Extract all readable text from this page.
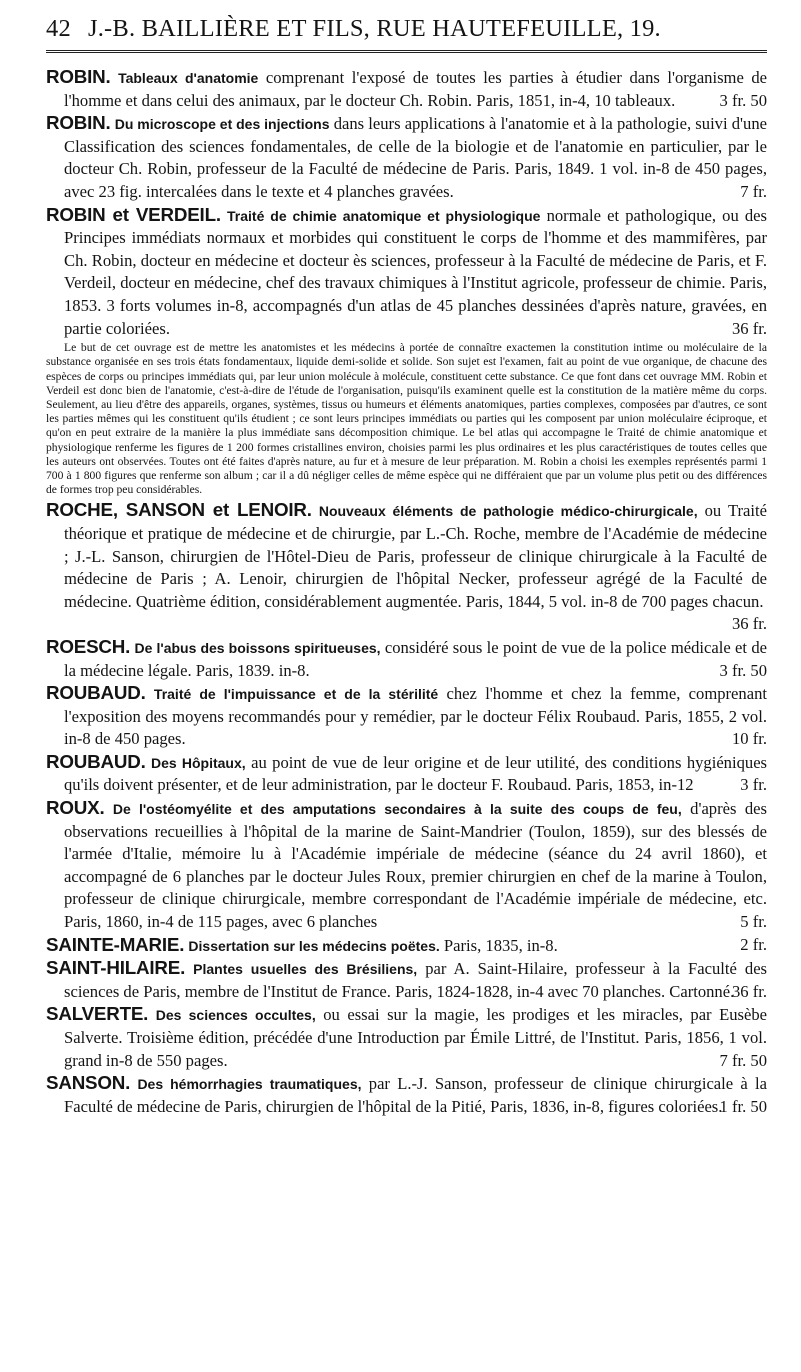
42 J.-B. BAILLIÈRE ET FILS, RUE HAUTEFEUILLE, 19.

ROBIN. Tableaux d'anatomie comprenant l'exposé de toutes les parties à étudier dans l'organisme de l'homme et dans celui des animaux, par le docteur Ch. Robin. Paris, 1851, in-4, 10 tableaux.	3 fr. 50

ROBIN. Du microscope et des injections dans leurs applications à l'anatomie et à la pathologie, suivi d'une Classification des sciences fondamentales, de celle de la biologie et de l'anatomie en particulier, par le docteur Ch. Robin, professeur de la Faculté de médecine de Paris. Paris, 1849. 1 vol. in-8 de 450 pages, avec 23 fig. intercalées dans le texte et 4 planches gravées.	7 fr.

ROBIN et VERDEIL. Traité de chimie anatomique et physiologique normale et pathologique, ou des Principes immédiats normaux et morbides qui constituent le corps de l'homme et des mammifères, par Ch. Robin, docteur en médecine et docteur ès sciences, professeur à la Faculté de médecine de Paris, et F. Verdeil, docteur en médecine, chef des travaux chimiques à l'Institut agricole, professeur de chimie. Paris, 1853. 3 forts volumes in-8, accompagnés d'un atlas de 45 planches dessinées d'après nature, gravées, en partie coloriées.	36 fr.

Le but de cet ouvrage est de mettre les anatomistes et les médecins à portée de connaître exactemen la constitution intime ou moléculaire de la substance organisée en ses trois états fondamentaux, liquide demi-solide et solide. Son sujet est l'examen, fait au point de vue organique, de chacune des espèces de corps ou principes immédiats qui, par leur union molécule à molécule, constituent cette substance. Ce que font dans cet ouvrage MM. Robin et Verdeil est donc bien de l'anatomie, c'est-à-dire de l'étude de l'organisation, puisqu'ils examinent quelle est la constitution de la matière même du corps. Seulement, au lieu d'être des appareils, organes, systèmes, tissus ou humeurs et éléments anatomiques, parties complexes, composées par d'autres, ce sont les parties mêmes qui les constituent qu'ils étudient ; ce sont leurs principes immédiats ou parties qui les composent par union moléculaire éciproque, et qu'on en peut extraire de la manière la plus immédiate sans décomposition chimique. Le bel atlas qui accompagne le Traité de chimie anatomique et physiologique renferme les figures de 1 200 formes cristallines environ, choisies parmi les plus ordinaires et les plus caractéristiques de toutes celles que les auteurs ont observées. Toutes ont été faites d'après nature, au fur et à mesure de leur préparation. M. Robin a choisi les exemples représentés parmi 1 700 à 1 800 figures que renferme son album ; car il a dû négliger celles de même espèce qui ne différaient que par un volume plus petit ou des différences de formes trop peu considérables.

ROCHE, SANSON et LENOIR. Nouveaux éléments de pathologie médico-chirurgicale, ou Traité théorique et pratique de médecine et de chirurgie, par L.-Ch. Roche, membre de l'Académie de médecine ; J.-L. Sanson, chirurgien de l'Hôtel-Dieu de Paris, professeur de clinique chirurgicale à la Faculté de médecine de Paris ; A. Lenoir, chirurgien de l'hôpital Necker, professeur agrégé de la Faculté de médecine. Quatrième édition, considérablement augmentée. Paris, 1844, 5 vol. in-8 de 700 pages chacun.
36 fr.

ROESCH. De l'abus des boissons spiritueuses, considéré sous le point de vue de la police médicale et de la médecine légale. Paris, 1839. in-8.	3 fr. 50

ROUBAUD. Traité de l'impuissance et de la stérilité chez l'homme et chez la femme, comprenant l'exposition des moyens recommandés pour y remédier, par le docteur Félix Roubaud. Paris, 1855, 2 vol. in-8 de 450 pages.	10 fr.

ROUBAUD. Des Hôpitaux, au point de vue de leur origine et de leur utilité, des conditions hygiéniques qu'ils doivent présenter, et de leur administration, par le docteur F. Roubaud. Paris, 1853, in-12	3 fr.

ROUX. De l'ostéomyélite et des amputations secondaires à la suite des coups de feu, d'après des observations recueillies à l'hôpital de la marine de Saint-Mandrier (Toulon, 1859), sur des blessés de l'armée d'Italie, mémoire lu à l'Académie impériale de médecine (séance du 24 avril 1860), et accompagné de 6 planches par le docteur Jules Roux, premier chirurgien en chef de la marine à Toulon, professeur de clinique chirurgicale, membre correspondant de l'Académie impériale de médecine, etc. Paris, 1860, in-4 de 115 pages, avec 6 planches	5 fr.

SAINTE-MARIE. Dissertation sur les médecins poëtes. Paris, 1835, in-8.	2 fr.

SAINT-HILAIRE. Plantes usuelles des Brésiliens, par A. Saint-Hilaire, professeur à la Faculté des sciences de Paris, membre de l'Institut de France. Paris, 1824-1828, in-4 avec 70 planches. Cartonné.
36 fr.

SALVERTE. Des sciences occultes, ou essai sur la magie, les prodiges et les miracles, par Eusèbe Salverte. Troisième édition, précédée d'une Introduction par Émile Littré, de l'Institut. Paris, 1856, 1 vol. grand in-8 de 550 pages.	7 fr. 50

SANSON. Des hémorrhagies traumatiques, par L.-J. Sanson, professeur de clinique chirurgicale à la Faculté de médecine de Paris, chirurgien de l'hôpital de la Pitié, Paris, 1836, in-8, figures coloriées.
1 fr. 50
